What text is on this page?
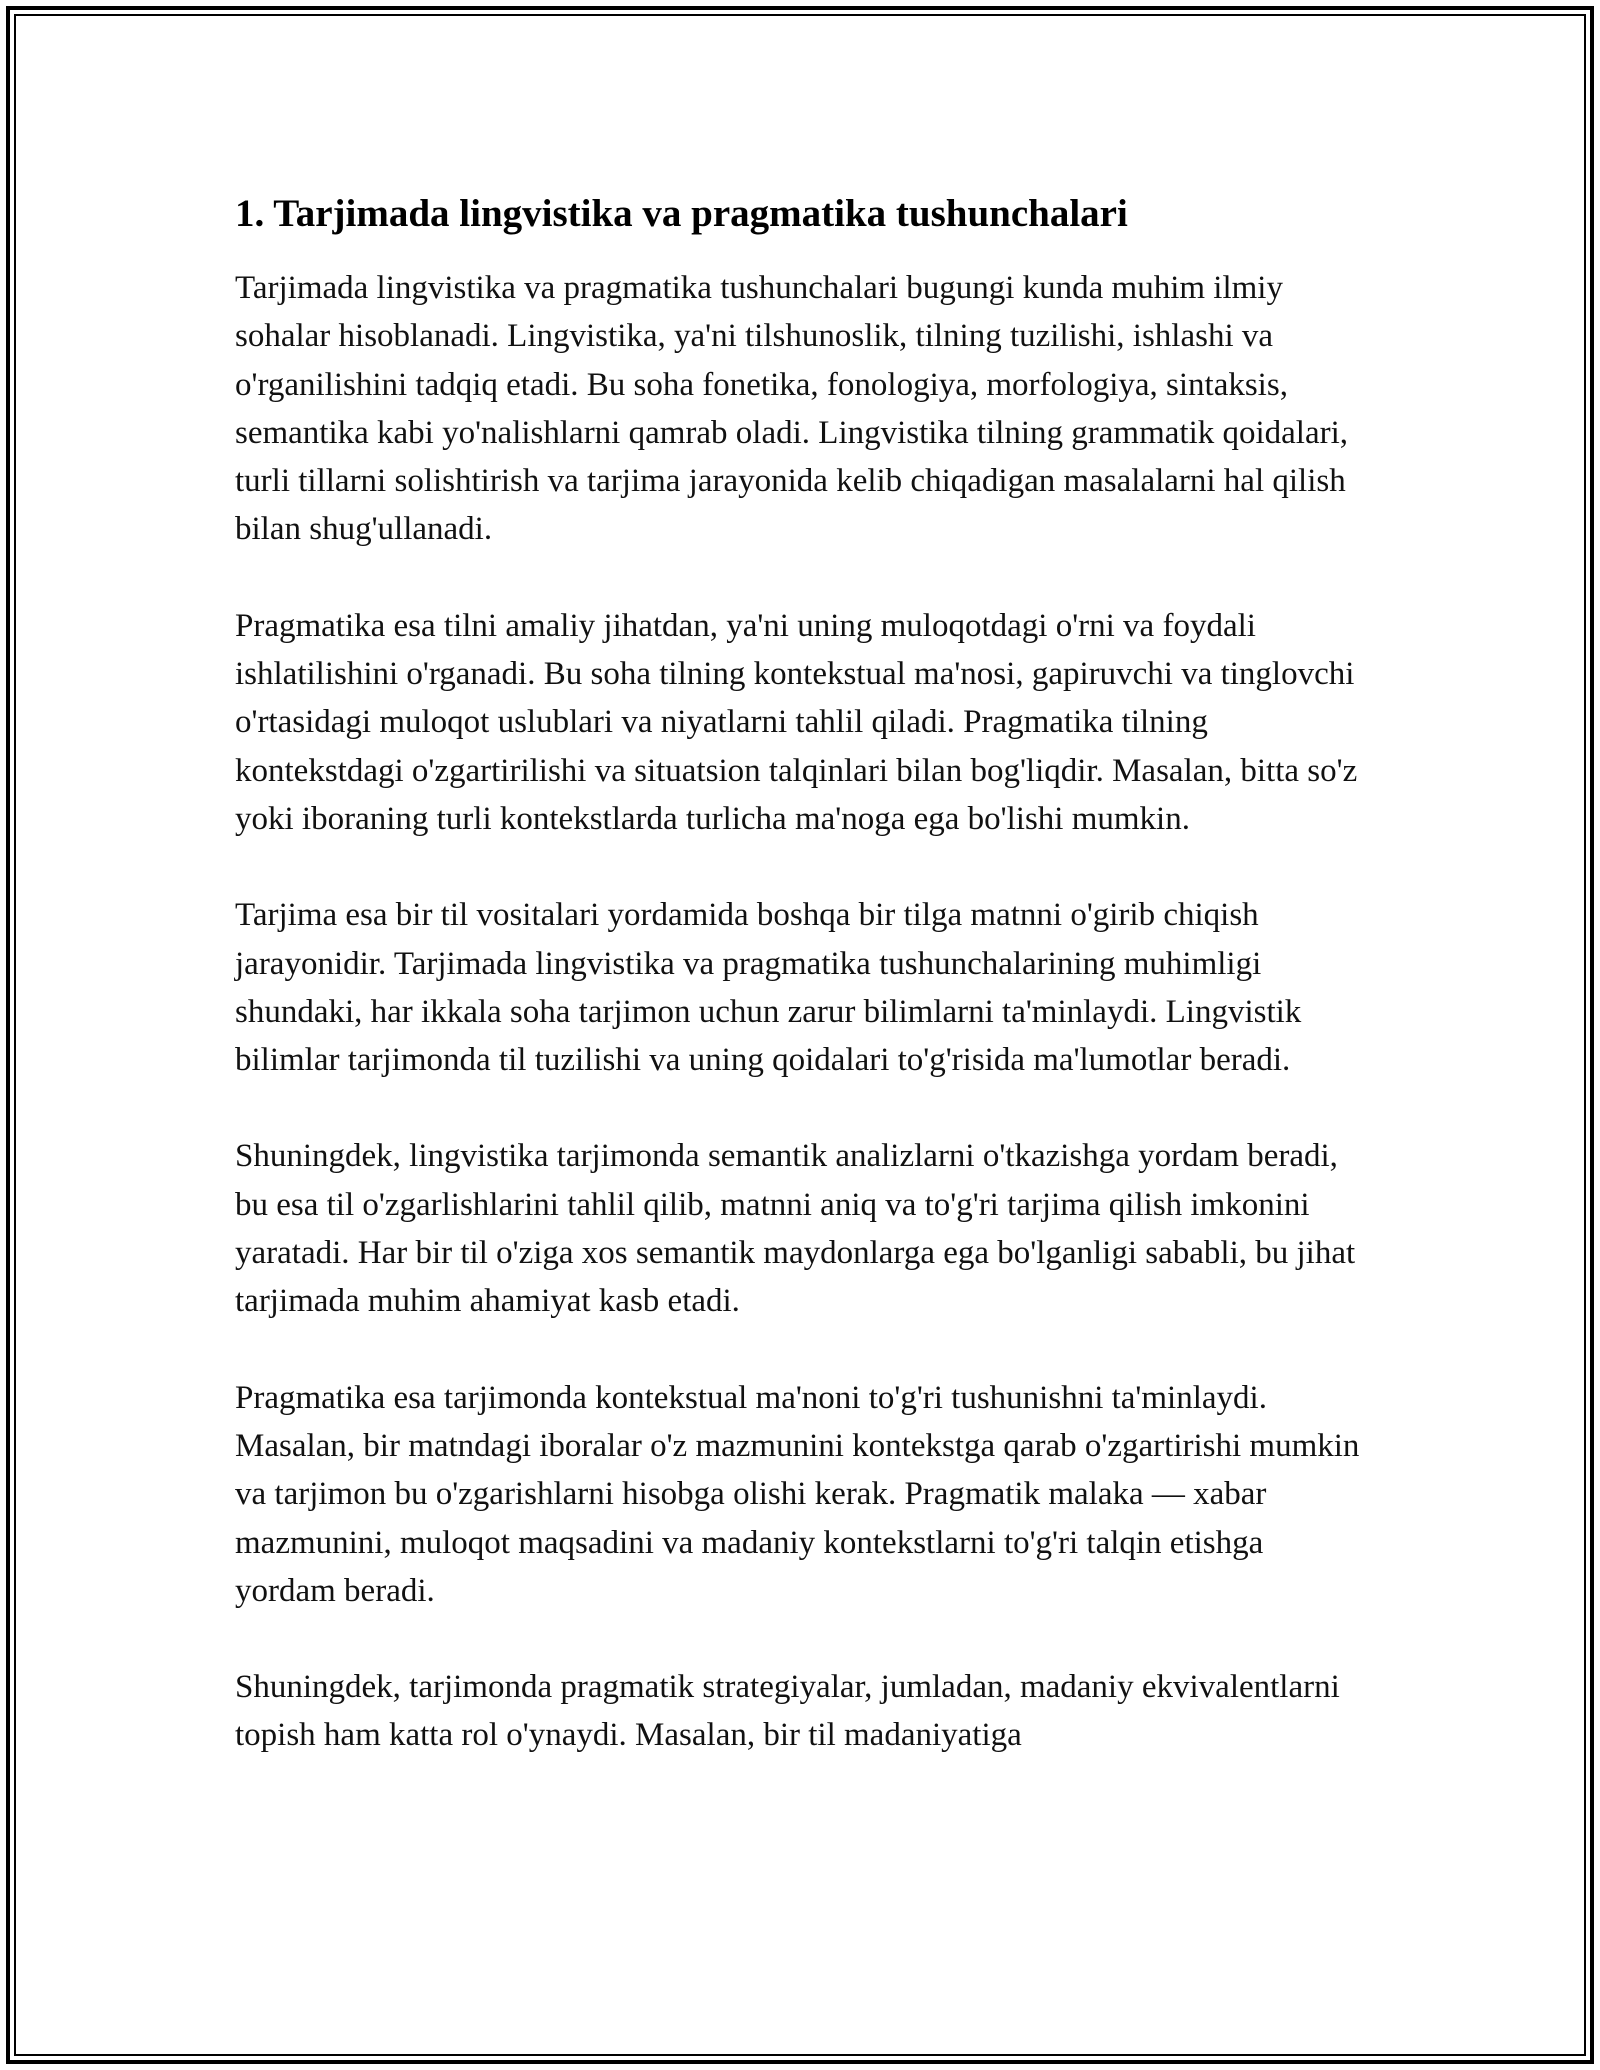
1. Tarjimada lingvistika va pragmatika tushunchalari

Tarjimada lingvistika va pragmatika tushunchalari bugungi kunda muhim ilmiy sohalar hisoblanadi. Lingvistika, ya'ni tilshunoslik, tilning tuzilishi, ishlashi va o'rganilishini tadqiq etadi. Bu soha fonetika, fonologiya, morfologiya, sintaksis, semantika kabi yo'nalishlarni qamrab oladi. Lingvistika tilning grammatik qoidalari, turli tillarni solishtirish va tarjima jarayonida kelib chiqadigan masalalarni hal qilish bilan shug'ullanadi.

Pragmatika esa tilni amaliy jihatdan, ya'ni uning muloqotdagi o'rni va foydali ishlatilishini o'rganadi. Bu soha tilning kontekstual ma'nosi, gapiruvchi va tinglovchi o'rtasidagi muloqot uslublari va niyatlarni tahlil qiladi. Pragmatika tilning kontekstdagi o'zgartirilishi va situatsion talqinlari bilan bog'liqdir. Masalan, bitta so'z yoki iboraning turli kontekstlarda turlicha ma'noga ega bo'lishi mumkin.

Tarjima esa bir til vositalari yordamida boshqa bir tilga matnni o'girib chiqish jarayonidir. Tarjimada lingvistika va pragmatika tushunchalarining muhimligi shundaki, har ikkala soha tarjimon uchun zarur bilimlarni ta'minlaydi. Lingvistik bilimlar tarjimonda til tuzilishi va uning qoidalari to'g'risida ma'lumotlar beradi.

Shuningdek, lingvistika tarjimonda semantik analizlarni o'tkazishga yordam beradi, bu esa til o'zgarlishlarini tahlil qilib, matnni aniq va to'g'ri tarjima qilish imkonini yaratadi. Har bir til o'ziga xos semantik maydonlarga ega bo'lganligi sababli, bu jihat tarjimada muhim ahamiyat kasb etadi.

Pragmatika esa tarjimonda kontekstual ma'noni to'g'ri tushunishni ta'minlaydi. Masalan, bir matndagi iboralar o'z mazmunini kontekstga qarab o'zgartirishi mumkin va tarjimon bu o'zgarishlarni hisobga olishi kerak. Pragmatik malaka — xabar mazmunini, muloqot maqsadini va madaniy kontekstlarni to'g'ri talqin etishga yordam beradi.

Shuningdek, tarjimonda pragmatik strategiyalar, jumladan, madaniy ekvivalentlarni topish ham katta rol o'ynaydi. Masalan, bir til madaniyatiga
